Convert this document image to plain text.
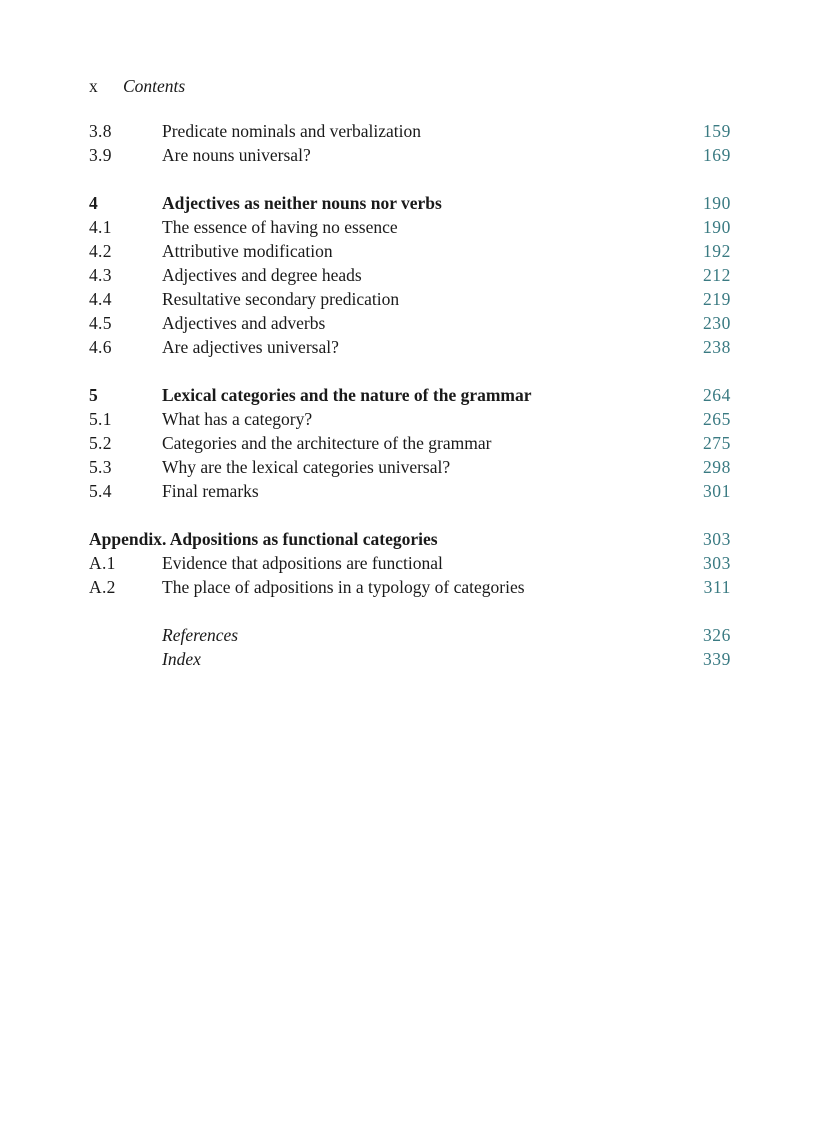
x Contents
3.8	Predicate nominals and verbalization	159
3.9	Are nouns universal?	169
4	Adjectives as neither nouns nor verbs	190
4.1	The essence of having no essence	190
4.2	Attributive modification	192
4.3	Adjectives and degree heads	212
4.4	Resultative secondary predication	219
4.5	Adjectives and adverbs	230
4.6	Are adjectives universal?	238
5	Lexical categories and the nature of the grammar	264
5.1	What has a category?	265
5.2	Categories and the architecture of the grammar	275
5.3	Why are the lexical categories universal?	298
5.4	Final remarks	301
Appendix. Adpositions as functional categories	303
A.1	Evidence that adpositions are functional	303
A.2	The place of adpositions in a typology of categories	311
References	326
Index	339
